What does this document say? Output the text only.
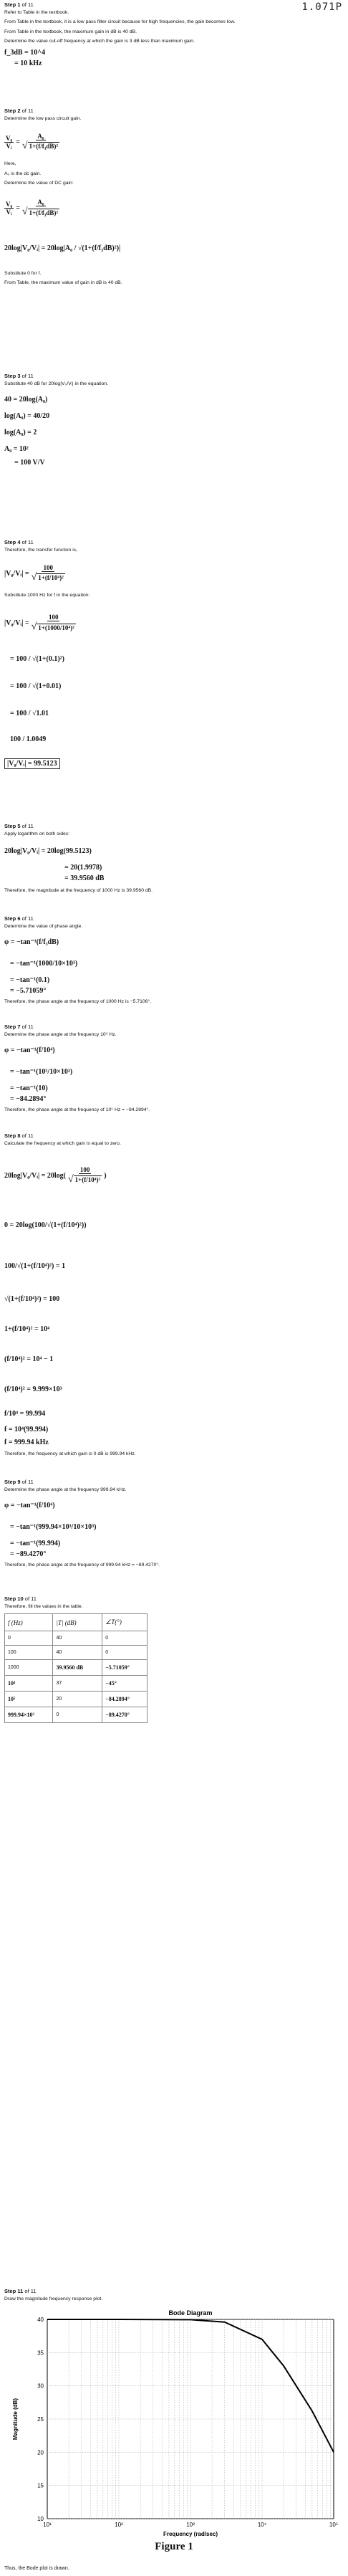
1.071P
Step 1 of 11

Refer to Table in the textbook.

From Table in the textbook, it is a low pass filter circuit because for high frequencies, the gain becomes low.

From Table in the textbook, the maximum gain in dB is 40 dB.

Determine the value cut-off frequency at which the gain is 3 dB less than maximum gain.

f_3dB = 10^4
= 10 kHz
Step 2 of 11

Determine the low pass circuit gain.

$\frac{\text{V₀}}{\text{Vᵢ}} = \frac{\text{A₀}}{\text{√ 1+(f/f₃dB)²}}$

Here,

A₀ is the dc gain.

Determine the value of DC gain:

$\frac{\text{V₀}}{\text{Vᵢ}} = \frac{\text{A₀}}{\text{√ 1+(f/f₃dB)²}}$
20log|V₀/Vᵢ| = 20log|A₀ / √(1+(f/f₃dB)²)|

Substitute 0 for f.

From Table, the maximum value of gain in dB is 40 dB.

Step 3 of 11

Substitute 40 dB for 20log|V₀/Vᵢ| in the equation.

40 = 20log(A₀)
log(A₀) = 40/20
log(A₀) = 2
A₀ = 10²
= 100 V/V
Step 4 of 11

Therefore, the transfer function is,

|V₀/Vᵢ| = $\frac{100}{\text{√ 1+(f/10⁴)²}}$

Substitute 1000 Hz for f in the equation:

|V₀/Vᵢ| = $\frac{100}{\text{√ 1+(1000/10⁴)²}}$
= 100 / √(1+(0.1)²)
= 100 / √(1+0.01)
= 100 / √1.01
100 / 1.0049
|V₀/Vᵢ| = 99.5123
Step 5 of 11

Apply logarithm on both sides:

20log|V₀/Vᵢ| = 20log(99.5123)
= 20(1.9978)
= 39.9560 dB

Therefore, the magnitude at the frequency of 1000 Hz is 39.9560 dB.

Step 6 of 11

Determine the value of phase angle.

φ = −tan⁻¹(f/f₃dB)
= −tan⁻¹(1000/10×10³)
= −tan⁻¹(0.1)
= −5.71059°

Therefore, the phase angle at the frequency of 1000 Hz is −5.7106°.

Step 7 of 11

Determine the phase angle at the frequency 10⁵ Hz.

φ = −tan⁻¹(f/10⁴)
= −tan⁻¹(10⁵/10×10³)
= −tan⁻¹(10)
= −84.2894°

Therefore, the phase angle at the frequency of 10⁵ Hz = −84.2894°.

Step 8 of 11

Calculate the frequency at which gain is equal to zero.

20log|V₀/Vᵢ| = $20\log( \frac{100}{\text{√ 1+(f/10⁴)²}}$ )
0 = 20log(100/√(1+(f/10⁴)²))
100/√(1+(f/10⁴)²) = 1
√(1+(f/10⁴)²) = 100
1+(f/10⁴)² = 10⁴
(f/10⁴)² = 10⁴ − 1
(f/10⁴)² = 9.999×10³
f/10⁴ = 99.994
f = 10⁴(99.994)
f = 999.94 kHz

Therefore, the frequency at which gain is 0 dB is 999.94 kHz.

Step 9 of 11

Determine the phase angle at the frequency 999.94 kHz.

φ = −tan⁻¹(f/10⁴)
= −tan⁻¹(999.94×10³/10×10³)
= −tan⁻¹(99.994)
= −89.4270°

Therefore, the phase angle at the frequency of 999.94 kHz = −89.4270°.

Step 10 of 11

Therefore, fill the values in the table.

f (Hz)	|T| (dB)	∠T(°)
0	40	0
100	40	0
1000	39.9560 dB	−5.71059°
10⁴	37	−45°
10⁵	20	−84.2894°
999.94×10³	0	−89.4270°
Step 11 of 11

Draw the magnitude frequency response plot.

10
15
20
25
30
35
40
10¹	10²	10³	10⁴	10⁵
Bode Diagram
Frequency (rad/sec)
Magnitude (dB)
Figure 1
Thus, the Bode plot is drawn.
